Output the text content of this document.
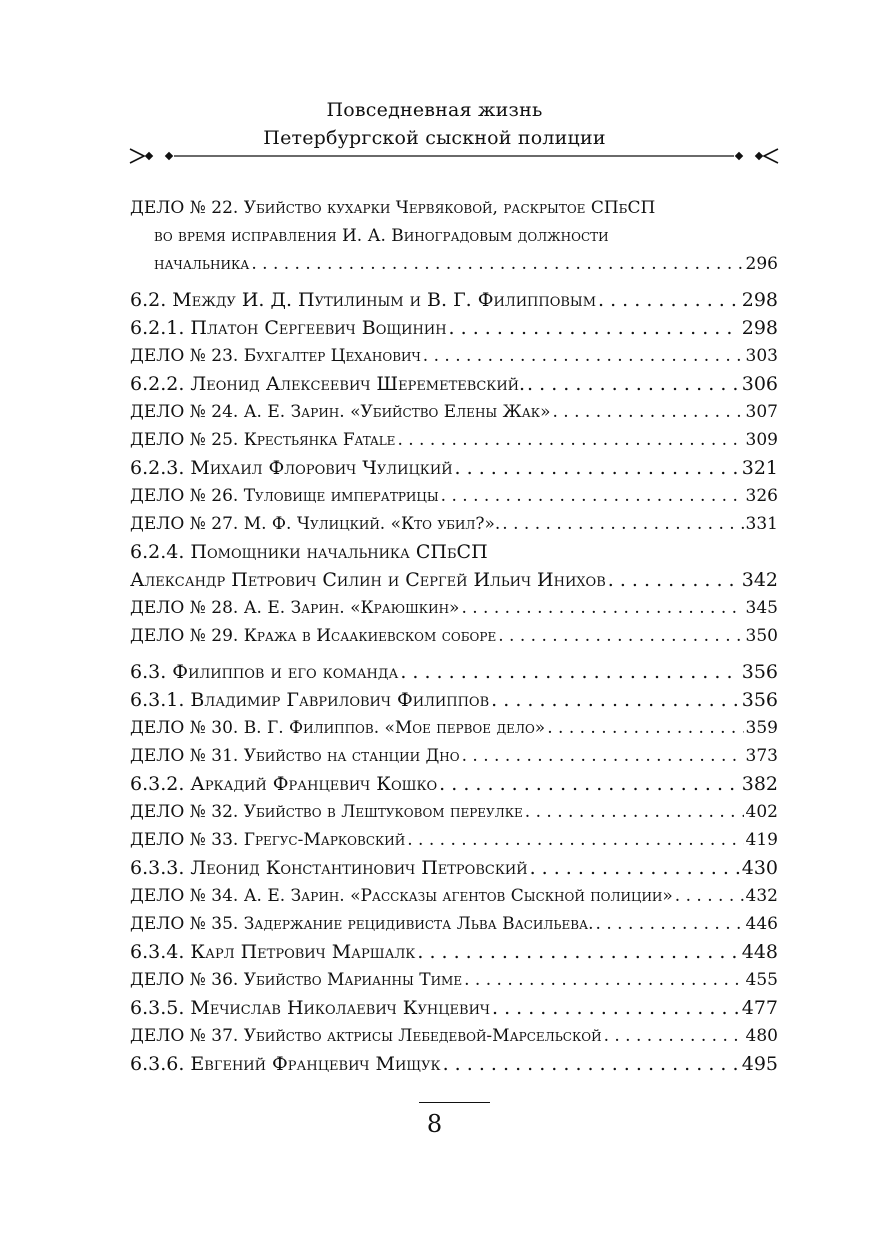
Повседневная жизнь
Петербургской сыскной полиции
ДЕЛО № 22. Убийство кухарки Червяковой, раскрытое СПбСП
во время исправления И. А. Виноградовым должности
начальника . . .	296
6.2. Между И. Д. Путилиным и В. Г. Филипповым . . .	298
6.2.1. Платон Сергеевич Вощинин . . .	298
ДЕЛО № 23. Бухгалтер Цеханович . . .	303
6.2.2. Леонид Алексеевич Шереметевский. . . .	306
ДЕЛО № 24. А. Е. Зарин. «Убийство Елены Жак» . . .	307
ДЕЛО № 25. Крестьянка Fatale . . .	309
6.2.3. Михаил Флорович Чулицкий . . .	321
ДЕЛО № 26. Туловище императрицы . . .	326
ДЕЛО № 27. М. Ф. Чулицкий. «Кто убил?». . . .	331
6.2.4. Помощники начальника СПбСП
Александр Петрович Силин и Сергей Ильич Инихов . . .	342
ДЕЛО № 28. А. Е. Зарин. «Краюшкин» . . .	345
ДЕЛО № 29. Кража в Исаакиевском соборе . . .	350
6.3. Филиппов и его команда . . .	356
6.3.1. Владимир Гаврилович Филиппов . . .	356
ДЕЛО № 30. В. Г. Филиппов. «Мое первое дело» . . .	359
ДЕЛО № 31. Убийство на станции Дно . . .	373
6.3.2. Аркадий Францевич Кошко . . .	382
ДЕЛО № 32. Убийство в Лештуковом переулке . . .	402
ДЕЛО № 33. Грегус-Марковский . . .	419
6.3.3. Леонид Константинович Петровский . . .	430
ДЕЛО № 34. А. Е. Зарин. «Рассказы агентов Сыскной полиции» . . .	432
ДЕЛО № 35. Задержание рецидивиста Льва Васильева. . . .	446
6.3.4. Карл Петрович Маршалк . . .	448
ДЕЛО № 36. Убийство Марианны Тиме . . .	455
6.3.5. Мечислав Николаевич Кунцевич . . .	477
ДЕЛО № 37. Убийство актрисы Лебедевой-Марсельской . . .	480
6.3.6. Евгений Францевич Мищук . . .	495
8
